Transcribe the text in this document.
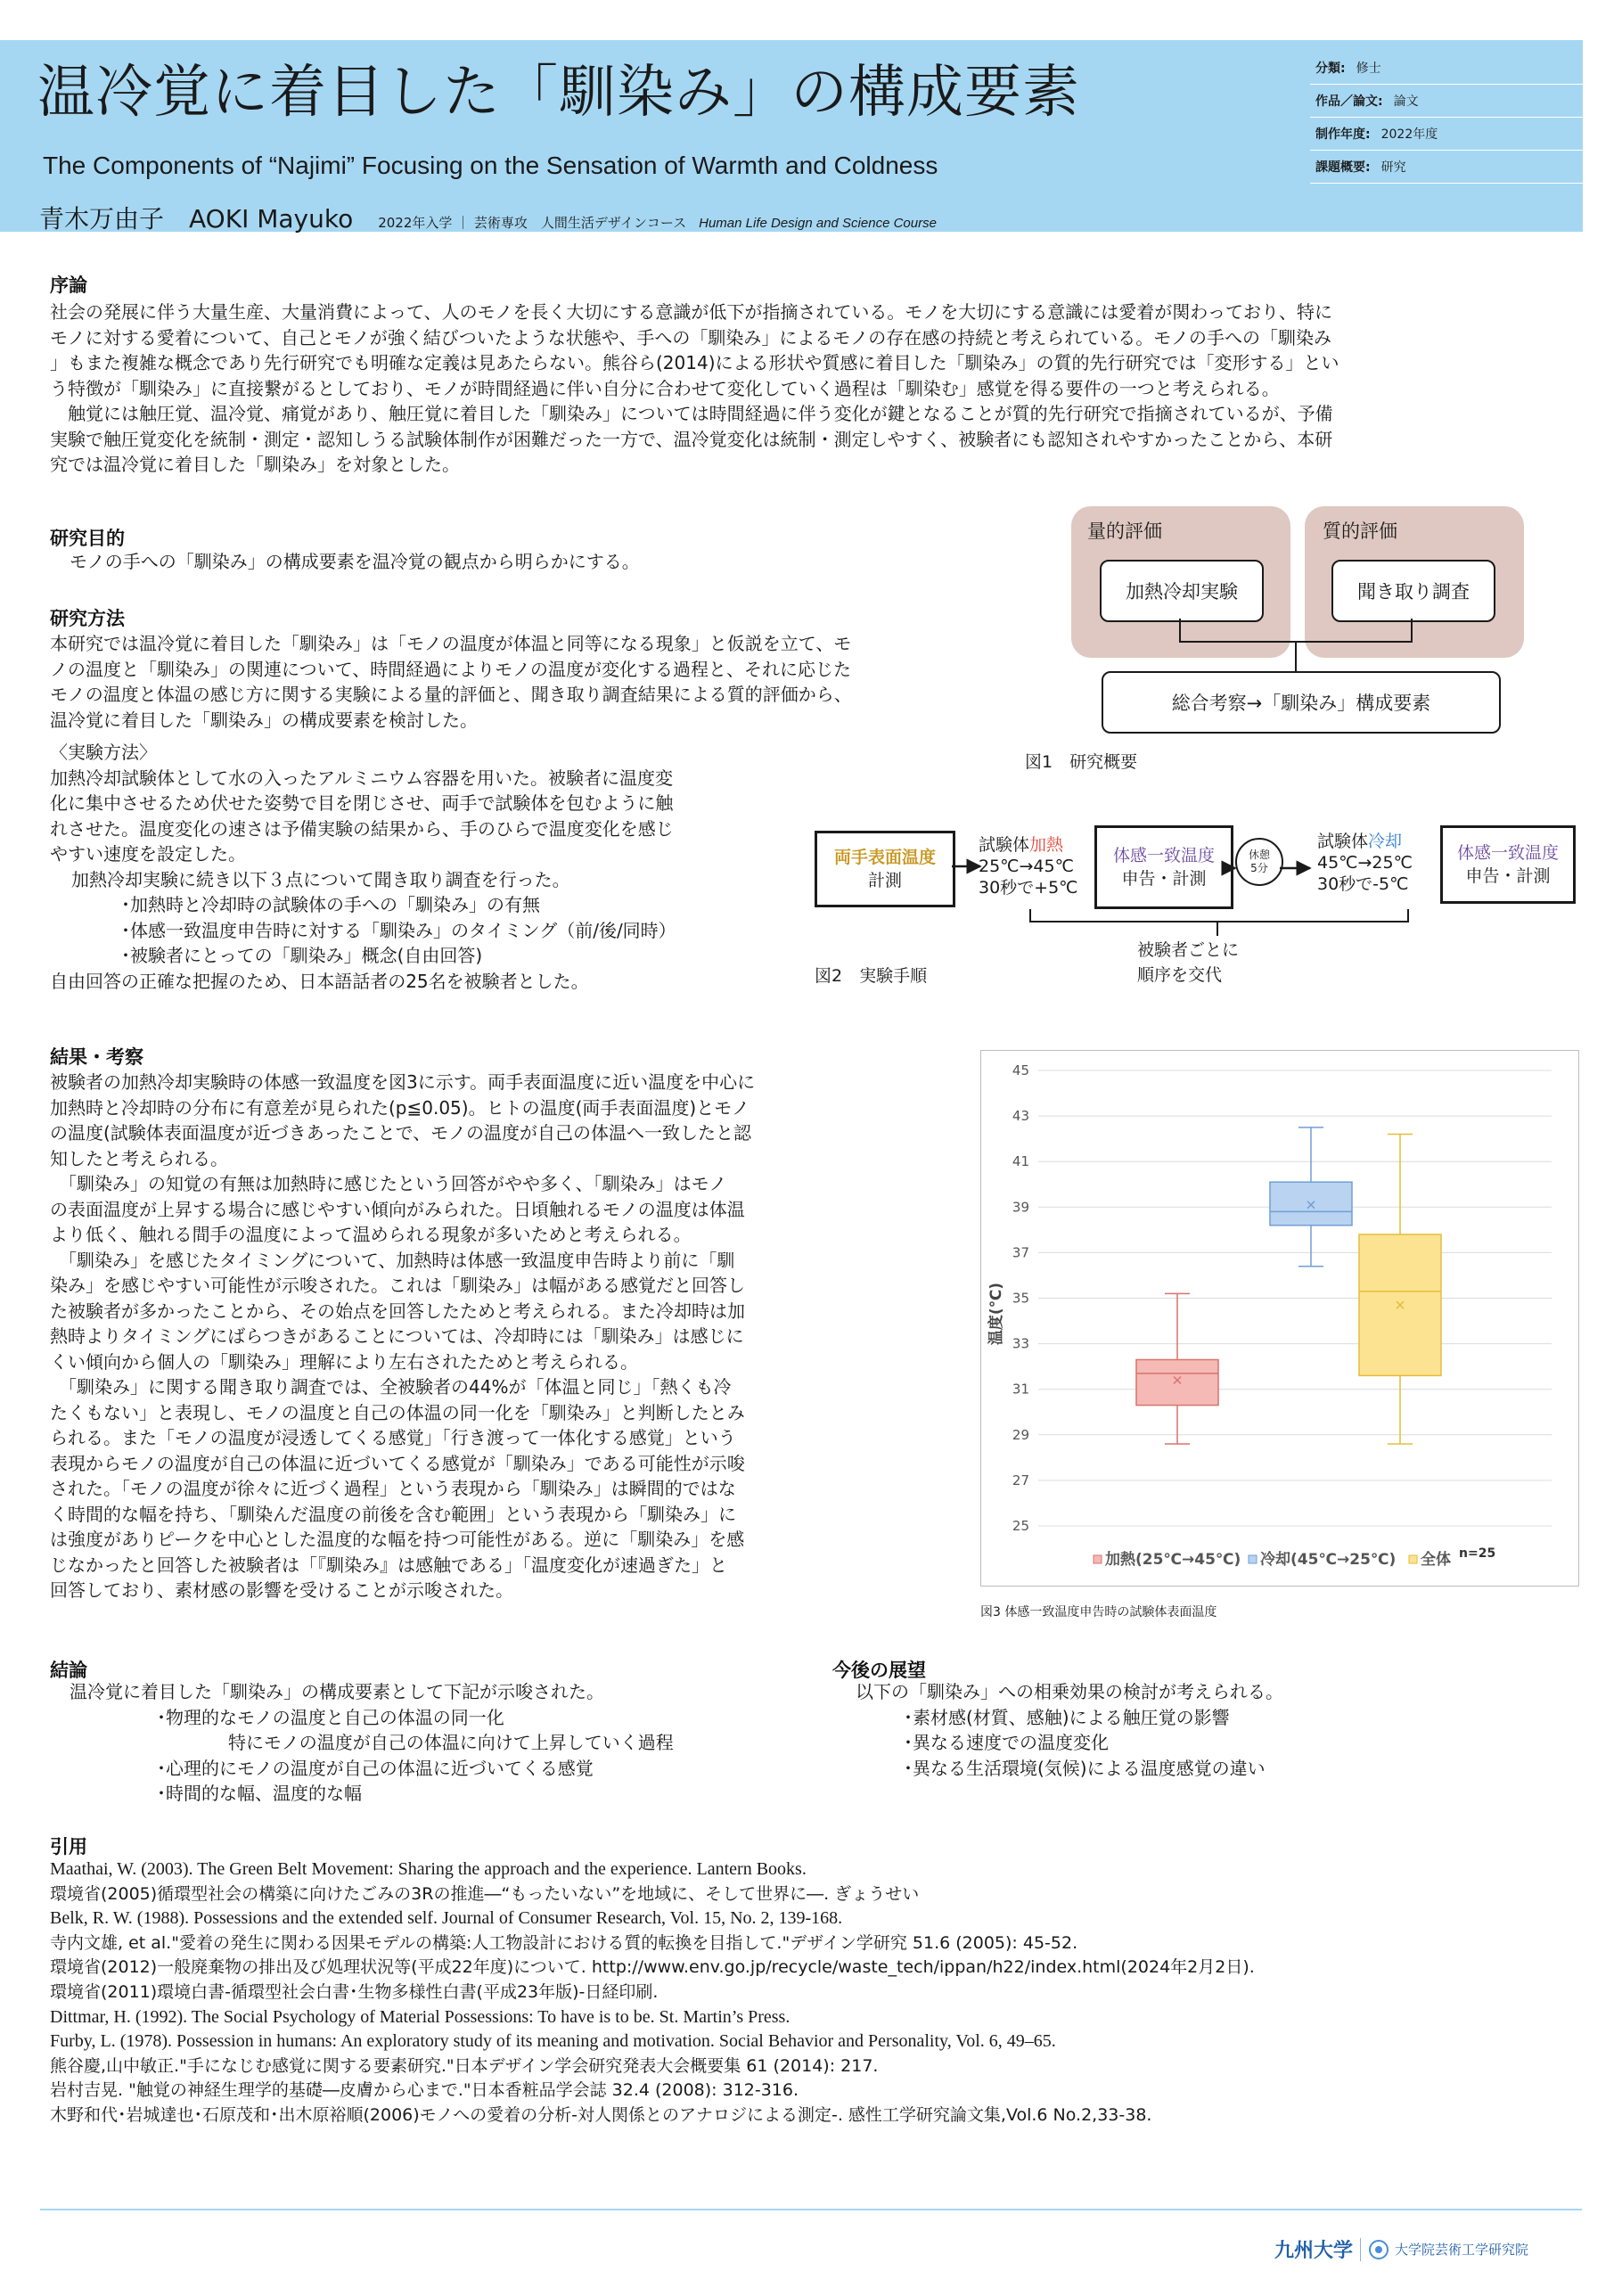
温冷覚に着目した「馴染み」の構成要素
The Components of “Najimi” Focusing on the Sensation of Warmth and Coldness
青木万由子　AOKI Mayuko 2022年入学 ｜ 芸術専攻　人間生活デザインコース Human Life Design and Science Course
分類: 修士
作品／論文: 論文
制作年度: 2022年度
課題概要: 研究
序論

社会の発展に伴う大量生産、大量消費によって、人のモノを長く大切にする意識が低下が指摘されている。モノを大切にする意識には愛着が関わっており、特に

モノに対する愛着について、自己とモノが強く結びついたような状態や、手への「馴染み」によるモノの存在感の持続と考えられている。モノの手への「馴染み

」もまた複雑な概念であり先行研究でも明確な定義は見あたらない。熊谷ら(2014)による形状や質感に着目した「馴染み」の質的先行研究では「変形する」とい

う特徴が「馴染み」に直接繋がるとしており、モノが時間経過に伴い自分に合わせて変化していく過程は「馴染む」感覚を得る要件の一つと考えられる。

　触覚には触圧覚、温冷覚、痛覚があり、触圧覚に着目した「馴染み」については時間経過に伴う変化が鍵となることが質的先行研究で指摘されているが、予備

実験で触圧覚変化を統制・測定・認知しうる試験体制作が困難だった一方で、温冷覚変化は統制・測定しやすく、被験者にも認知されやすかったことから、本研

究では温冷覚に着目した「馴染み」を対象とした。

研究目的
モノの手への「馴染み」の構成要素を温冷覚の観点から明らかにする。
研究方法

本研究では温冷覚に着目した「馴染み」は「モノの温度が体温と同等になる現象」と仮説を立て、モ

ノの温度と「馴染み」の関連について、時間経過によりモノの温度が変化する過程と、それに応じた

モノの温度と体温の感じ方に関する実験による量的評価と、聞き取り調査結果による質的評価から、

温冷覚に着目した「馴染み」の構成要素を検討した。

〈実験方法〉

加熱冷却試験体として水の入ったアルミニウム容器を用いた。被験者に温度変

化に集中させるため伏せた姿勢で目を閉じさせ、両手で試験体を包むように触

れさせた。温度変化の速さは予備実験の結果から、手のひらで温度変化を感じ

やすい速度を設定した。

加熱冷却実験に続き以下３点について聞き取り調査を行った。

･加熱時と冷却時の試験体の手への「馴染み」の有無

･体感一致温度申告時に対する「馴染み」のタイミング（前/後/同時）

･被験者にとっての「馴染み」概念(自由回答)

自由回答の正確な把握のため、日本語話者の25名を被験者とした。

量的評価	質的評価
加熱冷却実験	聞き取り調査
総合考察→「馴染み」構成要素
図1　研究概要
両手表面温度
計測
試験体加熱
25℃→45℃
30秒で+5℃
体感一致温度
申告・計測
休憩
5分
試験体冷却
45℃→25℃
30秒で-5℃
体感一致温度
申告・計測
被験者ごとに
順序を交代
図2　実験手順
結果・考察

被験者の加熱冷却実験時の体感一致温度を図3に示す。両手表面温度に近い温度を中心に

加熱時と冷却時の分布に有意差が見られた(p≦0.05)。ヒトの温度(両手表面温度)とモノ

の温度(試験体表面温度が近づきあったことで、モノの温度が自己の体温へ一致したと認

知したと考えられる。

　「馴染み」の知覚の有無は加熱時に感じたという回答がやや多く、「馴染み」はモノ

の表面温度が上昇する場合に感じやすい傾向がみられた。日頃触れるモノの温度は体温

より低く、触れる間手の温度によって温められる現象が多いためと考えられる。

　「馴染み」を感じたタイミングについて、加熱時は体感一致温度申告時より前に「馴

染み」を感じやすい可能性が示唆された。これは「馴染み」は幅がある感覚だと回答し

た被験者が多かったことから、その始点を回答したためと考えられる。また冷却時は加

熱時よりタイミングにばらつきがあることについては、冷却時には「馴染み」は感じに

くい傾向から個人の「馴染み」理解により左右されたためと考えられる。

　「馴染み」に関する聞き取り調査では、全被験者の44%が「体温と同じ」「熱くも冷

たくもない」と表現し、モノの温度と自己の体温の同一化を「馴染み」と判断したとみ

られる。また「モノの温度が浸透してくる感覚」「行き渡って一体化する感覚」という

表現からモノの温度が自己の体温に近づいてくる感覚が「馴染み」である可能性が示唆

された。「モノの温度が徐々に近づく過程」という表現から「馴染み」は瞬間的ではな

く時間的な幅を持ち、「馴染んだ温度の前後を含む範囲」という表現から「馴染み」に

は強度がありピークを中心とした温度的な幅を持つ可能性がある。逆に「馴染み」を感

じなかったと回答した被験者は「『馴染み』は感触である」「温度変化が速過ぎた」と

回答しており、素材感の影響を受けることが示唆された。

25
27
29
31
33
35
37
39
41
43
45
温度(℃)
加熱(25℃→45℃) 冷却(45℃→25℃) 全体 n=25
図3 体感一致温度申告時の試験体表面温度
結論

温冷覚に着目した「馴染み」の構成要素として下記が示唆された。

･物理的なモノの温度と自己の体温の同一化

特にモノの温度が自己の体温に向けて上昇していく過程

･心理的にモノの温度が自己の体温に近づいてくる感覚

･時間的な幅、温度的な幅

今後の展望

以下の「馴染み」への相乗効果の検討が考えられる。

･素材感(材質、感触)による触圧覚の影響

･異なる速度での温度変化

･異なる生活環境(気候)による温度感覚の違い

引用
Maathai, W. (2003). The Green Belt Movement: Sharing the approach and the experience. Lantern Books.
環境省(2005)循環型社会の構築に向けたごみの3Rの推進―“もったいない”を地域に、そして世界に―. ぎょうせい
Belk, R. W. (1988). Possessions and the extended self. Journal of Consumer Research, Vol. 15, No. 2, 139-168.
寺内文雄, et al."愛着の発生に関わる因果モデルの構築:人工物設計における質的転換を目指して."デザイン学研究 51.6 (2005): 45-52.
環境省(2012)一般廃棄物の排出及び処理状況等(平成22年度)について. http://www.env.go.jp/recycle/waste_tech/ippan/h22/index.html(2024年2月2日).
環境省(2011)環境白書-循環型社会白書･生物多様性白書(平成23年版)-日経印刷.
Dittmar, H. (1992). The Social Psychology of Material Possessions: To have is to be. St. Martin’s Press.
Furby, L. (1978). Possession in humans: An exploratory study of its meaning and motivation. Social Behavior and Personality, Vol. 6, 49–65.
熊谷慶,山中敏正."手になじむ感覚に関する要素研究."日本デザイン学会研究発表大会概要集 61 (2014): 217.
岩村吉晃. "触覚の神経生理学的基礎―皮膚から心まで."日本香粧品学会誌 32.4 (2008): 312-316.
木野和代･岩城達也･石原茂和･出木原裕順(2006)モノへの愛着の分析-対人関係とのアナロジによる測定-. 感性工学研究論文集,Vol.6 No.2,33-38.
九州大学	大学院芸術工学研究院
